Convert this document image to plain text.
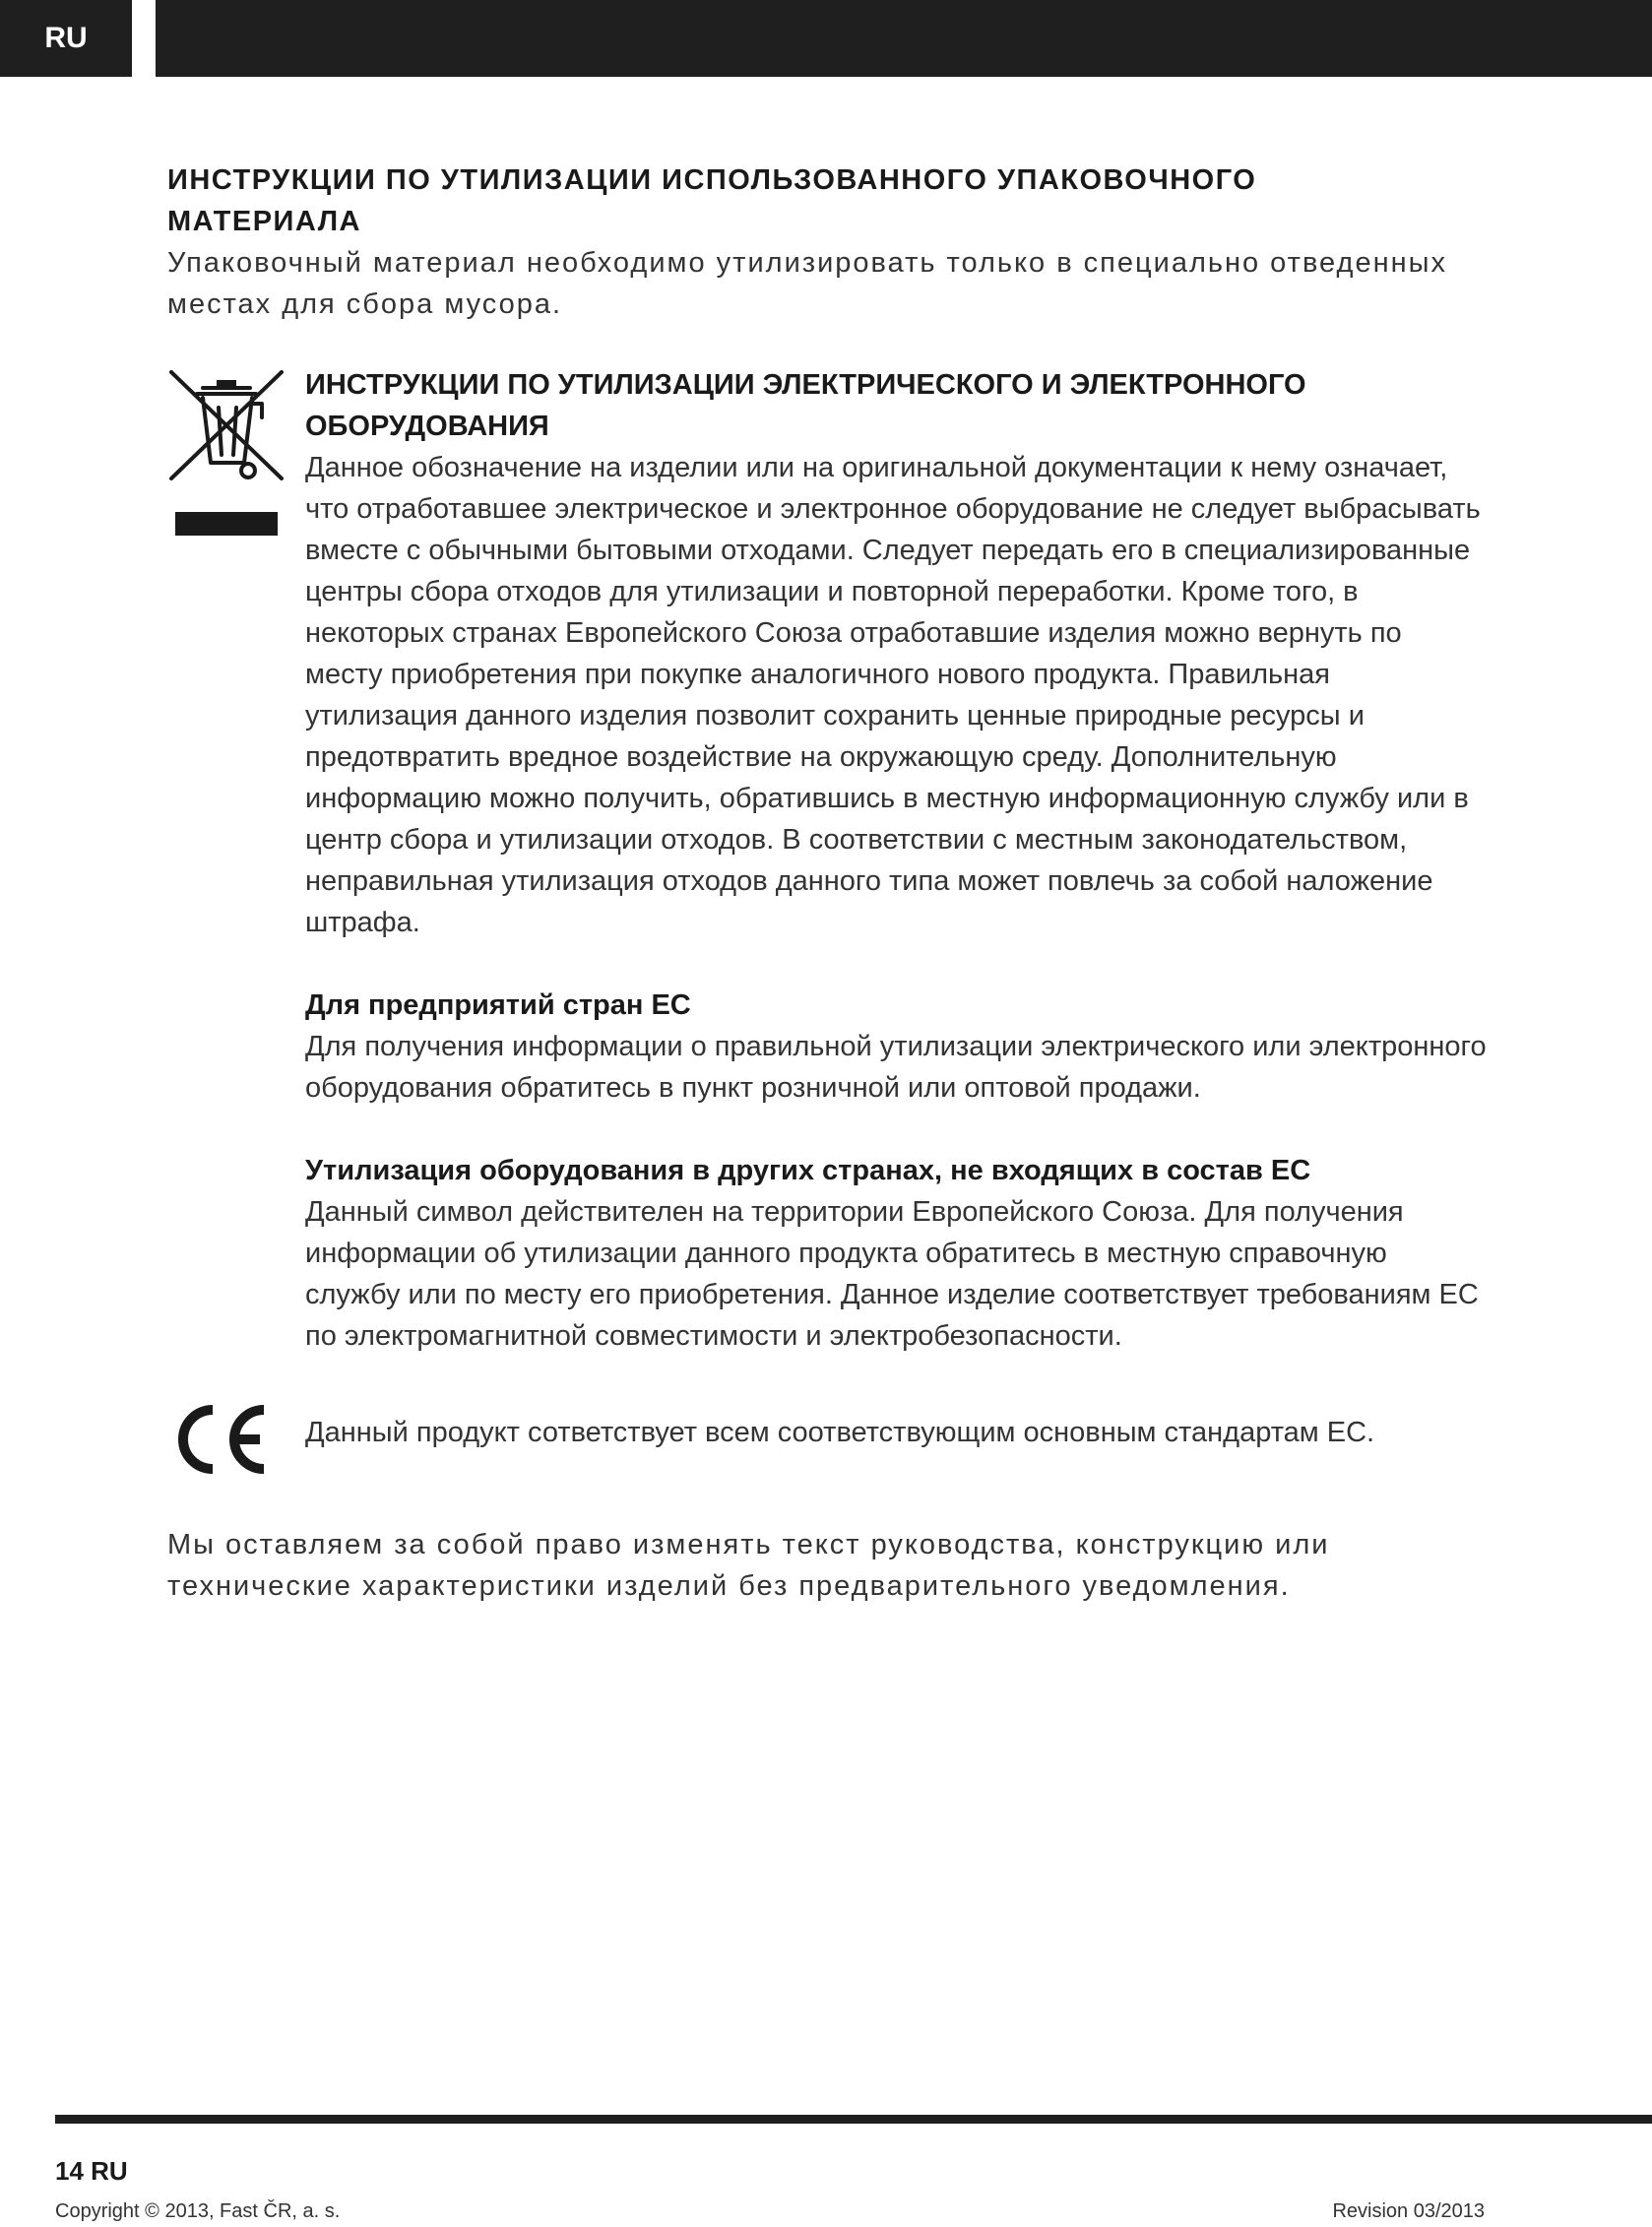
RU
ИНСТРУКЦИИ ПО УТИЛИЗАЦИИ ИСПОЛЬЗОВАННОГО УПАКОВОЧНОГО МАТЕРИАЛА
Упаковочный материал необходимо утилизировать только в специально отведенных местах для сбора мусора.
ИНСТРУКЦИИ ПО УТИЛИЗАЦИИ ЭЛЕКТРИЧЕСКОГО И ЭЛЕКТРОННОГО ОБОРУДОВАНИЯ
Данное обозначение на изделии или на оригинальной документации к нему означает, что отработавшее электрическое и электронное оборудование не следует выбрасывать вместе с обычными бытовыми отходами. Следует передать его в специализированные центры сбора отходов для утилизации и повторной переработки. Кроме того, в некоторых странах Европейского Союза отработавшие изделия можно вернуть по месту приобретения при покупке аналогичного нового продукта. Правильная утилизация данного изделия позволит сохранить ценные природные ресурсы и предотвратить вредное воздействие на окружающую среду. Дополнительную информацию можно получить, обратившись в местную информационную службу или в центр сбора и утилизации отходов. В соответствии с местным законодательством, неправильная утилизация отходов данного типа может повлечь за собой наложение штрафа.
Для предприятий стран ЕС
Для получения информации о правильной утилизации электрического или электронного оборудования обратитесь в пункт розничной или оптовой продажи.
Утилизация оборудования в других странах, не входящих в состав ЕС
Данный символ действителен на территории Европейского Союза. Для получения информации об утилизации данного продукта обратитесь в местную справочную службу или по месту его приобретения. Данное изделие соответствует требованиям ЕС по электромагнитной совместимости и электробезопасности.
Данный продукт сответствует всем соответствующим основным стандартам ЕС.
Мы оставляем за собой право изменять текст руководства, конструкцию или технические характеристики изделий без предварительного уведомления.
14 RU
Copyright © 2013, Fast ČR, a. s.	Revision 03/2013
